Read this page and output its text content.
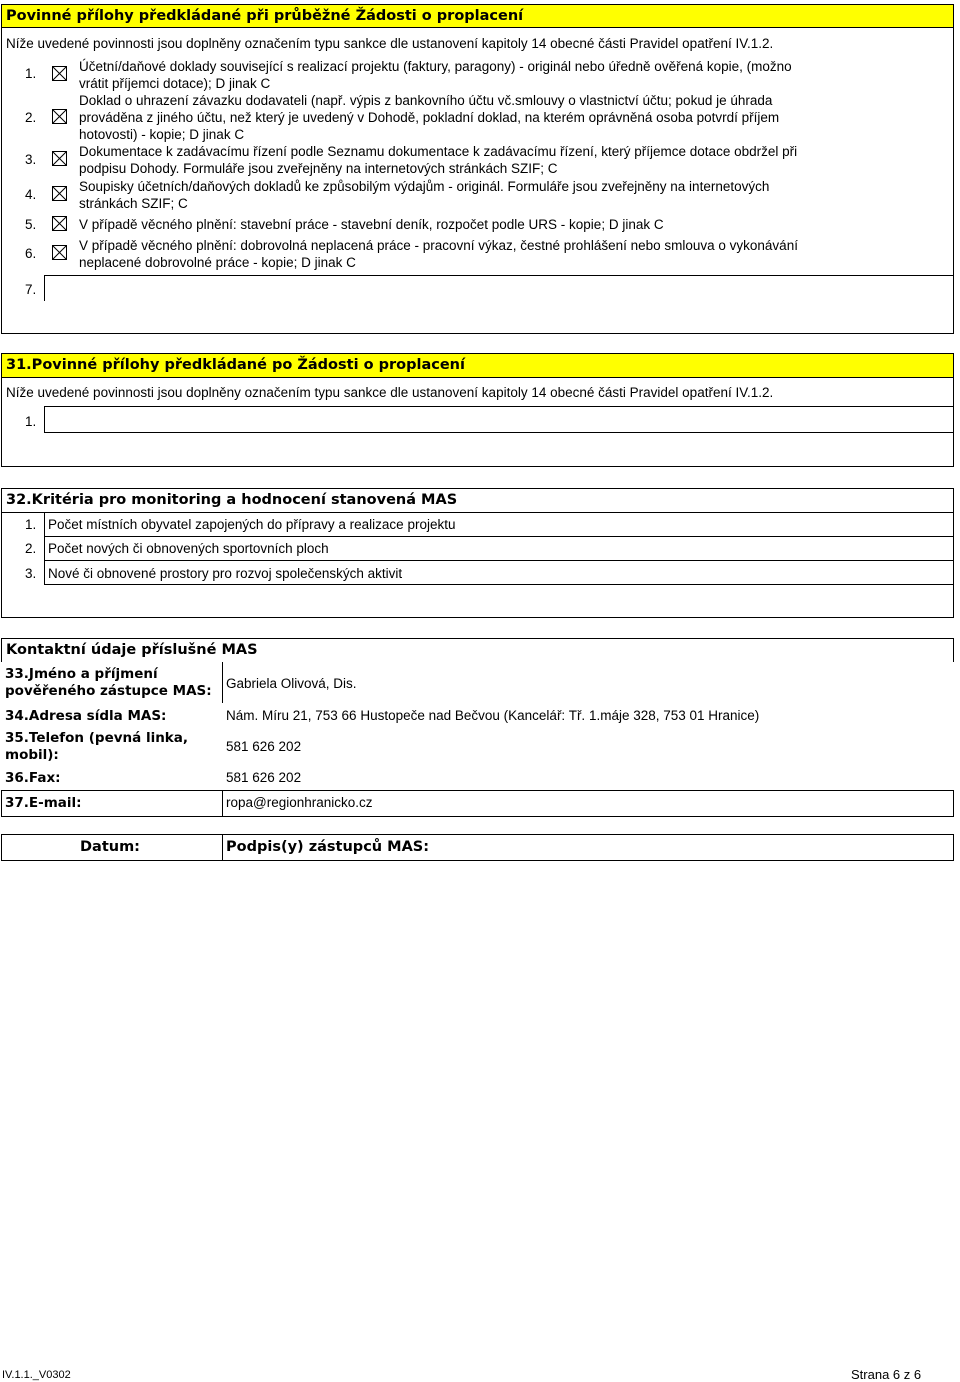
Povinné přílohy předkládané při průběžné Žádosti o proplacení
Níže uvedené povinnosti jsou doplněny označením typu sankce dle ustanovení kapitoly 14 obecné části Pravidel opatření IV.1.2.
1.	Účetní/daňové doklady související s realizací projektu (faktury, paragony) - originál nebo úředně ověřená kopie, (možno
vrátit příjemci dotace); D jinak C
2.
Doklad o uhrazení závazku dodavateli (např. výpis z bankovního účtu vč.smlouvy o vlastnictví účtu; pokud je úhrada
prováděna z jiného účtu, než který je uvedený v Dohodě, pokladní doklad, na kterém oprávněná osoba potvrdí příjem
hotovosti) - kopie; D jinak C
3.
Dokumentace k zadávacímu řízení podle Seznamu dokumentace k zadávacímu řízení, který příjemce dotace obdržel při
podpisu Dohody. Formuláře jsou zveřejněny na internetových stránkách SZIF; C
4.
Soupisky účetních/daňových dokladů ke způsobilým výdajům - originál. Formuláře jsou zveřejněny na internetových
stránkách SZIF; C
5.	V případě věcného plnění: stavební práce - stavební deník, rozpočet podle URS - kopie; D jinak C
6.
V případě věcného plnění: dobrovolná neplacená práce - pracovní výkaz, čestné prohlášení nebo smlouva o vykonávání
neplacené dobrovolné práce - kopie; D jinak C
7.
31.Povinné přílohy předkládané po Žádosti o proplacení
Níže uvedené povinnosti jsou doplněny označením typu sankce dle ustanovení kapitoly 14 obecné části Pravidel opatření IV.1.2.
1.
32.Kritéria pro monitoring a hodnocení stanovená MAS
1. Počet místních obyvatel zapojených do přípravy a realizace projektu
2. Počet nových či obnovených sportovních ploch
3. Nové či obnovené prostory pro rozvoj společenských aktivit
Kontaktní údaje příslušné MAS
33.Jméno a příjmení
pověřeného zástupce MAS: Gabriela Olivová, Dis.
34.Adresa sídla MAS:	Nám. Míru 21, 753 66 Hustopeče nad Bečvou (Kancelář: Tř. 1.máje 328, 753 01 Hranice)
35.Telefon (pevná linka,
mobil):
581 626 202
36.Fax:	581 626 202
37.E-mail:	ropa@regionhranicko.cz
Datum:	Podpis(y) zástupců MAS:
IV.1.1._V0302	Strana 6 z 6
